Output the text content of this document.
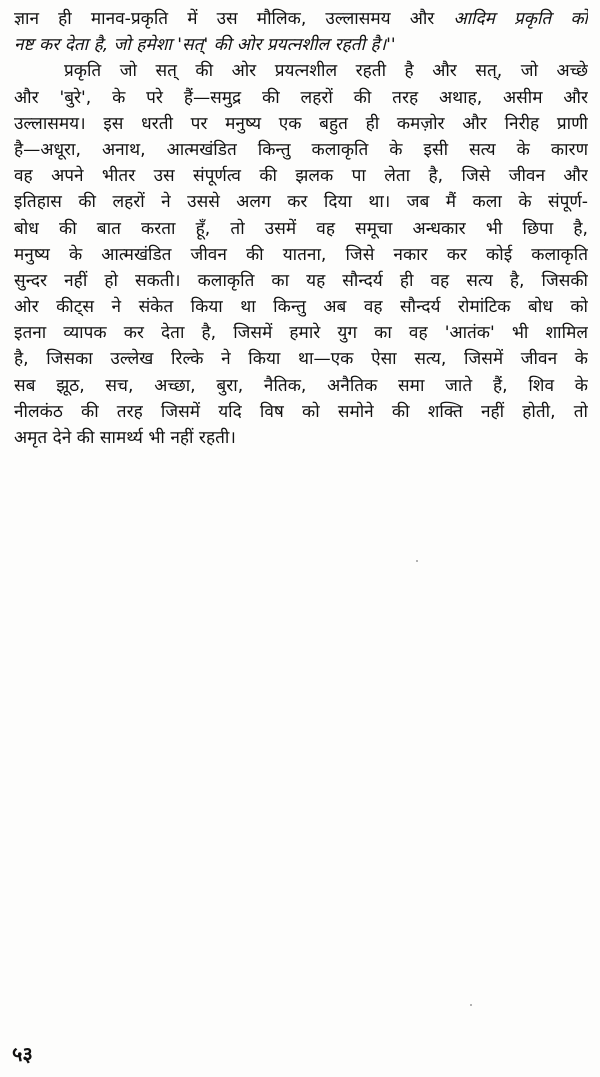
ज्ञान ही मानव-प्रकृति में उस मौलिक, उल्लासमय और आदिम प्रकृति को
नष्ट कर देता है, जो हमेशा 'सत्' की ओर प्रयत्नशील रहती है।''
प्रकृति जो सत् की ओर प्रयत्नशील रहती है और सत्, जो अच्छे
और 'बुरे', के परे हैं—समुद्र की लहरों की तरह अथाह, असीम और
उल्लासमय। इस धरती पर मनुष्य एक बहुत ही कमज़ोर और निरीह प्राणी
है—अधूरा, अनाथ, आत्मखंडित किन्तु कलाकृति के इसी सत्य के कारण
वह अपने भीतर उस संपूर्णत्व की झलक पा लेता है, जिसे जीवन और
इतिहास की लहरों ने उससे अलग कर दिया था। जब मैं कला के संपूर्ण-
बोध की बात करता हूँ, तो उसमें वह समूचा अन्धकार भी छिपा है,
मनुष्य के आत्मखंडित जीवन की यातना, जिसे नकार कर कोई कलाकृति
सुन्दर नहीं हो सकती। कलाकृति का यह सौन्दर्य ही वह सत्य है, जिसकी
ओर कीट्स ने संकेत किया था किन्तु अब वह सौन्दर्य रोमांटिक बोध को
इतना व्यापक कर देता है, जिसमें हमारे युग का वह 'आतंक' भी शामिल
है, जिसका उल्लेख रिल्के ने किया था—एक ऐसा सत्य, जिसमें जीवन के
सब झूठ, सच, अच्छा, बुरा, नैतिक, अनैतिक समा जाते हैं, शिव के
नीलकंठ की तरह जिसमें यदि विष को समोने की शक्ति नहीं होती, तो
अमृत देने की सामर्थ्य भी नहीं रहती।
५३
